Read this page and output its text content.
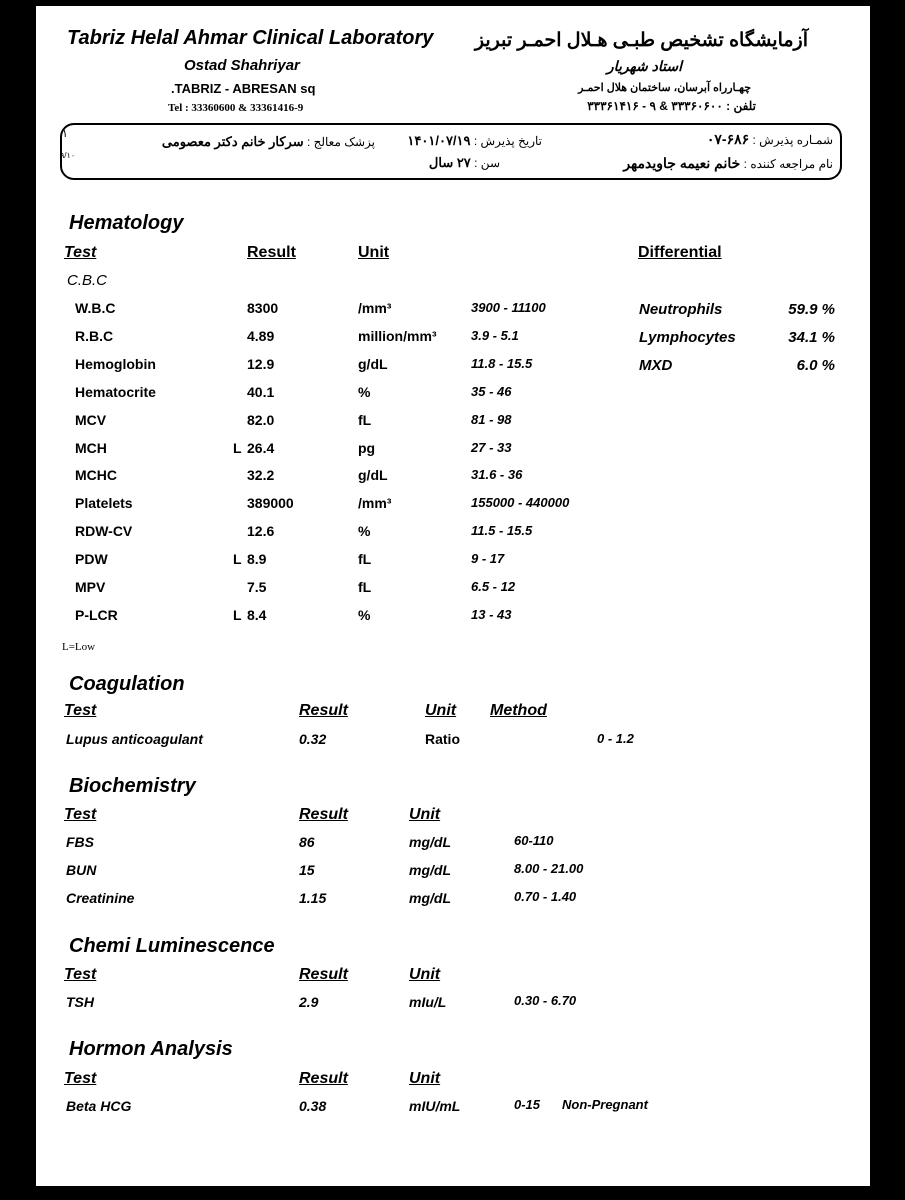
Tabriz Helal Ahmar Clinical Laboratory
Ostad Shahriyar
.TABRIZ - ABRESAN sq
Tel : 33360600 & 33361416-9
آزمایشگاه تشخیص طبـی هـلال احمـر تبریز
استاد شهریار
چهـارراه آبرسان، ساختمان هلال احمـر
تلفن : ۳۳۳۶۰۶۰۰ & ۹ - ۳۳۳۶۱۴۱۶
شمـاره پذیرش : ۶۸۶-۰۷
نام مراجعه کننده : خانم نعیمه جاویدمهر
تاریخ پذیرش : ۱۴۰۱/۰۷/۱۹
سن : ۲۷ سال
پزشک معالج : سرکار خانم دکتر معصومی
۱
۹/۱۰
Hematology
Test	Result	Unit	Differential
C.B.C
W.B.C	8300	/mm³	3900 - 11100
R.B.C	4.89	million/mm³	3.9 - 5.1
Hemoglobin	12.9	g/dL	11.8 - 15.5
Hematocrite	40.1	%	35 - 46
MCV	82.0	fL	81 - 98
MCH	L 26.4	pg	27 - 33
MCHC	32.2	g/dL	31.6 - 36
Platelets	389000	/mm³	155000 - 440000
RDW-CV	12.6	%	11.5 - 15.5
PDW	L 8.9	fL	9 - 17
MPV	7.5	fL	6.5 - 12
P-LCR	L 8.4	%	13 - 43
Neutrophils	59.9 %
Lymphocytes	34.1 %
MXD	6.0 %
L=Low
Coagulation
Test	Result	Unit Method
Lupus anticoagulant	0.32	Ratio	0 - 1.2
Biochemistry
Test	Result	Unit
FBS	86	mg/dL	60-110
BUN	15	mg/dL	8.00 - 21.00
Creatinine	1.15	mg/dL	0.70 - 1.40
Chemi Luminescence
Test	Result	Unit
TSH	2.9	mIu/L	0.30 - 6.70
Hormon Analysis
Test	Result	Unit
Beta HCG	0.38	mIU/mL	0-15 Non-Pregnant
